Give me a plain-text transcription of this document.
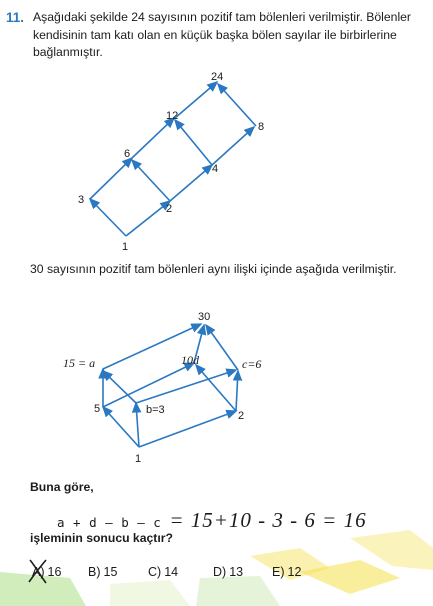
11. Aşağıdaki şekilde 24 sayısının pozitif tam bölenleri verilmiştir. Bölenler kendisinin tam katı olan en küçük başka bölen sayılar ile birbirlerine bağlanmıştır.

1
2
3
4
6
8
12
24

30 sayısının pozitif tam bölenleri aynı ilişki içinde aşağıda verilmiştir.

1
2
5
30
15 = a
b=3
c=6
10d
Buna göre,
a + d – b – c = 15+10 - 3 - 6 = 16
işleminin sonucu kaçtır?
A) 16 B) 15 C) 14	D) 13 E) 12
